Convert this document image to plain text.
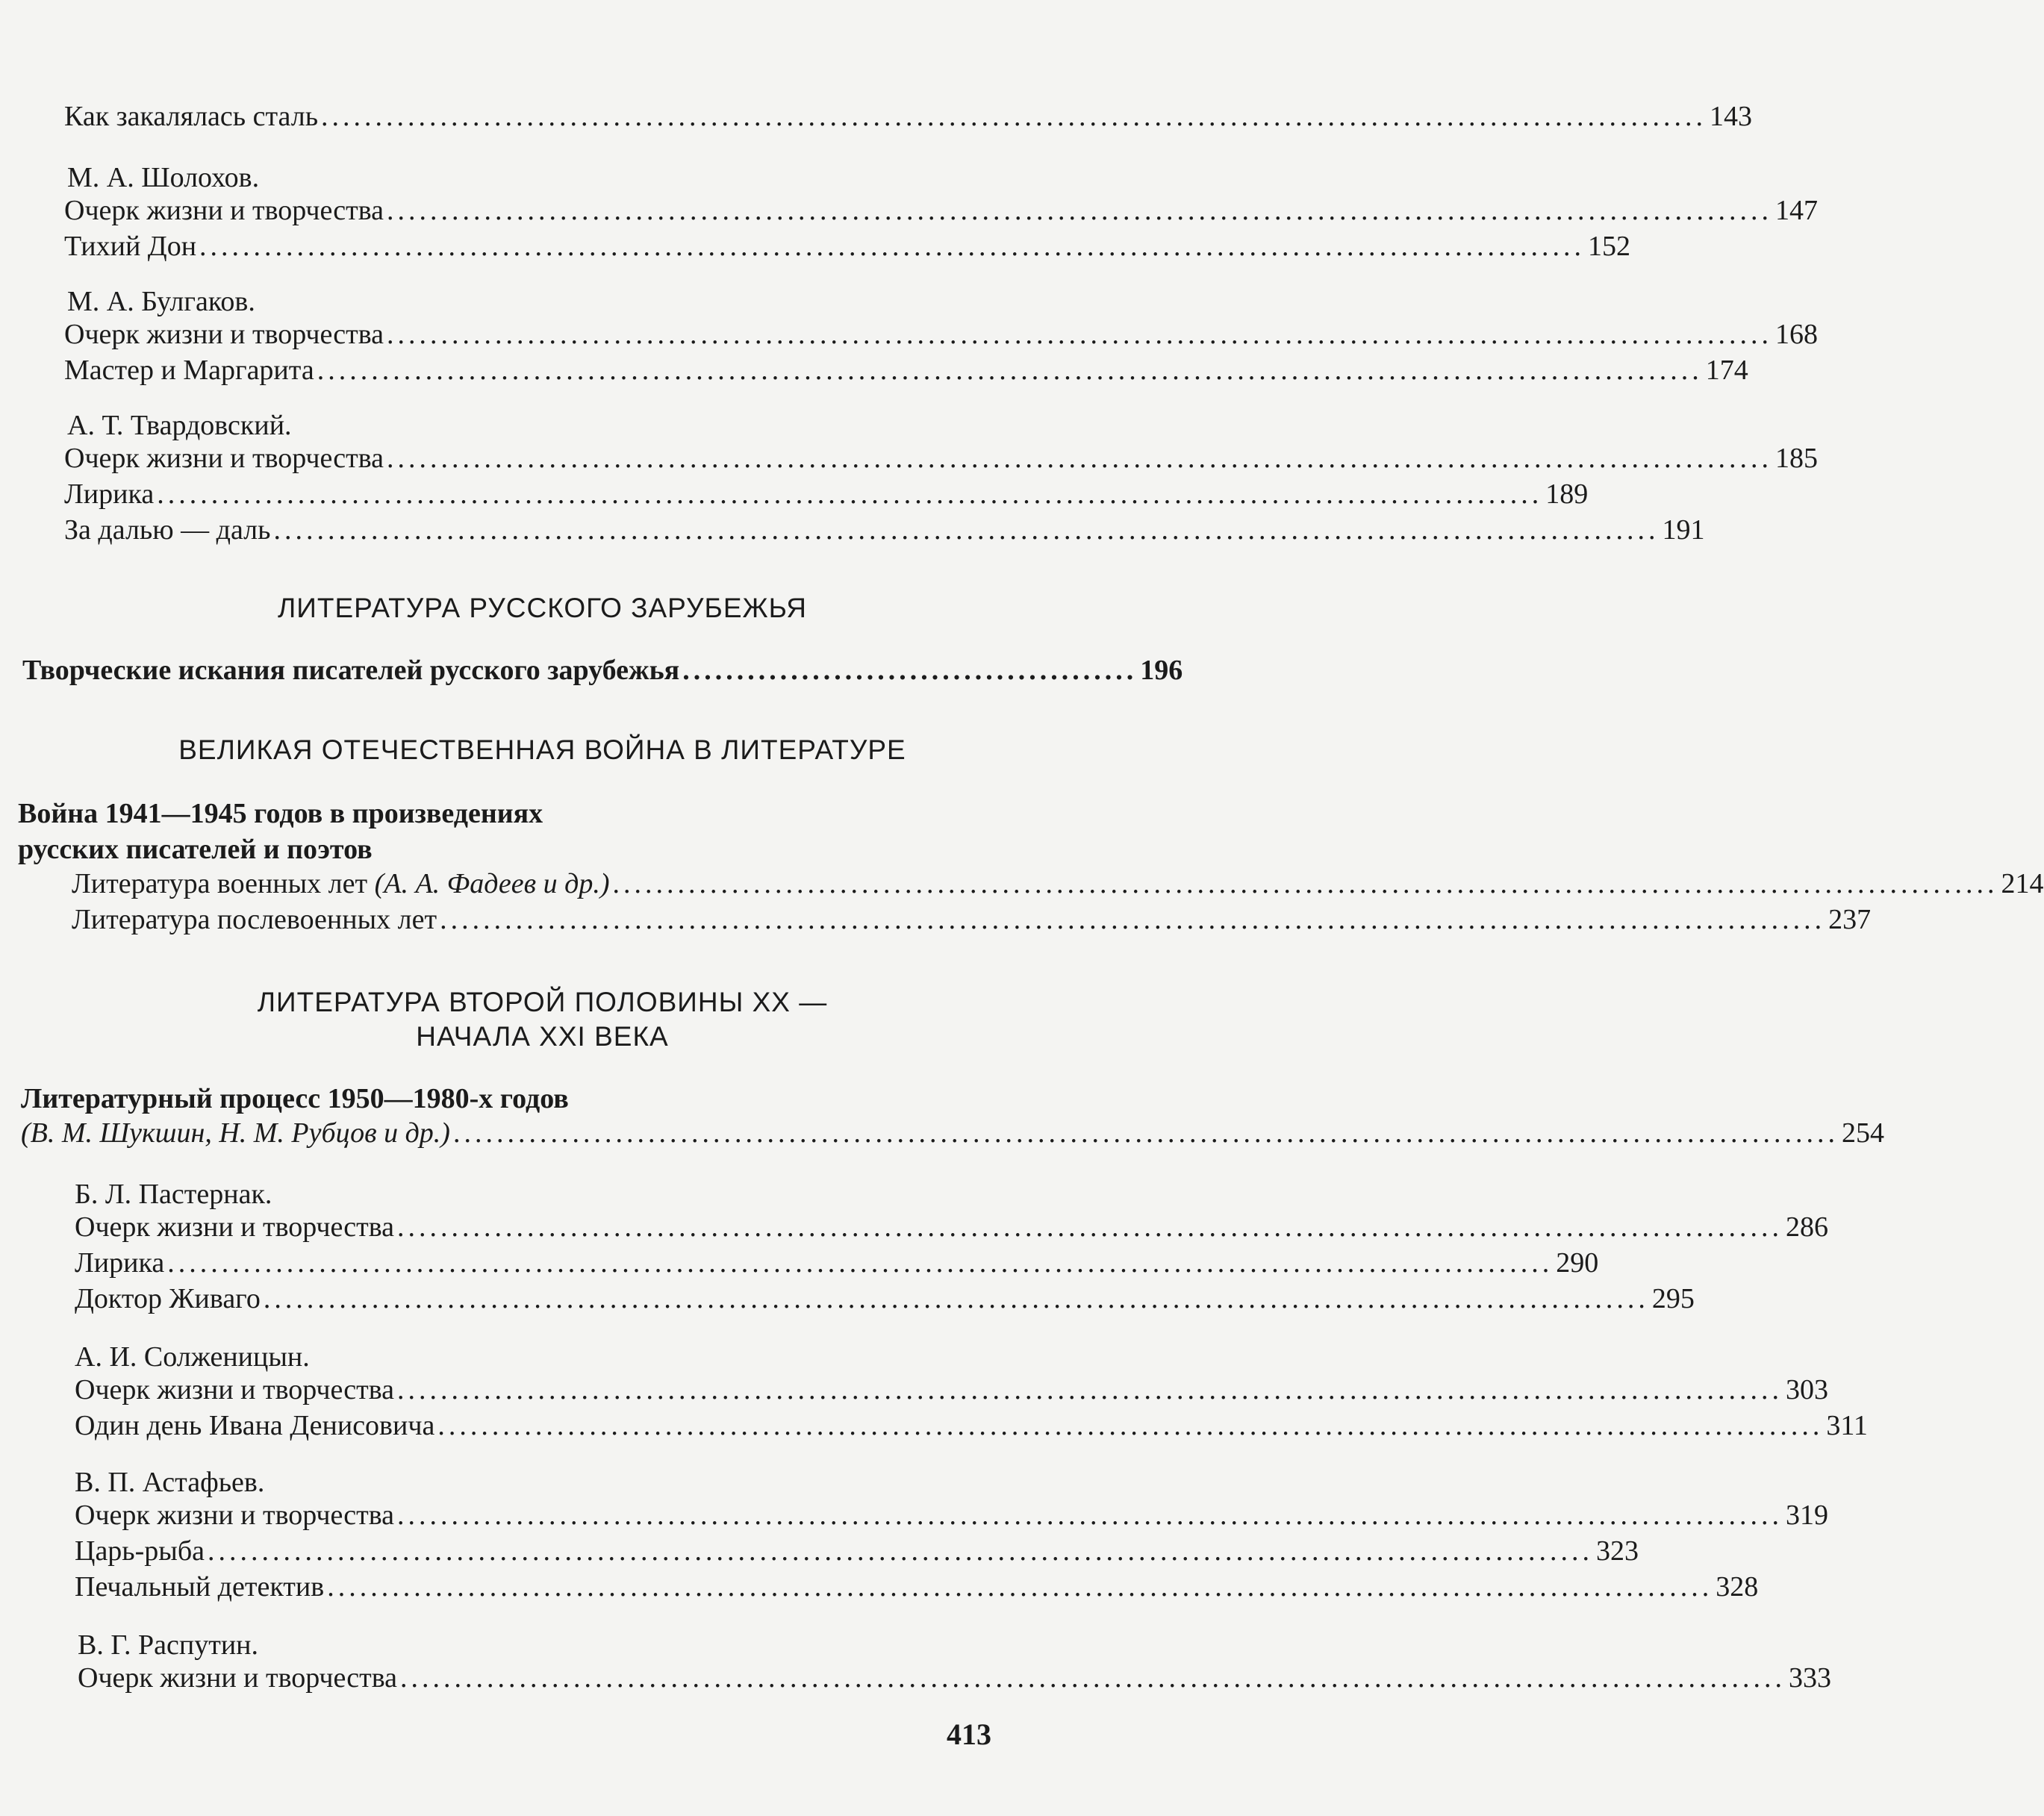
Как закалялась сталь ................................................................................................................................ 143
М. А. Шолохов.
Очерк жизни и творчества ................................................................................................................................ 147
Тихий Дон ................................................................................................................................ 152
М. А. Булгаков.
Очерк жизни и творчества ................................................................................................................................ 168
Мастер и Маргарита ................................................................................................................................ 174
А. Т. Твардовский.
Очерк жизни и творчества ................................................................................................................................ 185
Лирика ................................................................................................................................ 189
За далью — даль ................................................................................................................................ 191
ЛИТЕРАТУРА РУССКОГО ЗАРУБЕЖЬЯ
Творческие искания писателей русского зарубежья .......................................... 196
ВЕЛИКАЯ ОТЕЧЕСТВЕННАЯ ВОЙНА В ЛИТЕРАТУРЕ
Война 1941—1945 годов в произведениях
русских писателей и поэтов
Литература военных лет (А. А. Фадеев и др.) ................................................................................................................................ 214
Литература послевоенных лет ................................................................................................................................ 237
ЛИТЕРАТУРА ВТОРОЙ ПОЛОВИНЫ XX —
НАЧАЛА XXI ВЕКА
Литературный процесс 1950—1980-х годов
(В. М. Шукшин, Н. М. Рубцов и др.) ................................................................................................................................ 254
Б. Л. Пастернак.
Очерк жизни и творчества ................................................................................................................................ 286
Лирика ................................................................................................................................ 290
Доктор Живаго ................................................................................................................................ 295
А. И. Солженицын.
Очерк жизни и творчества ................................................................................................................................ 303
Один день Ивана Денисовича ................................................................................................................................ 311
В. П. Астафьев.
Очерк жизни и творчества ................................................................................................................................ 319
Царь-рыба ................................................................................................................................ 323
Печальный детектив ................................................................................................................................ 328
В. Г. Распутин.
Очерк жизни и творчества ................................................................................................................................ 333
413
